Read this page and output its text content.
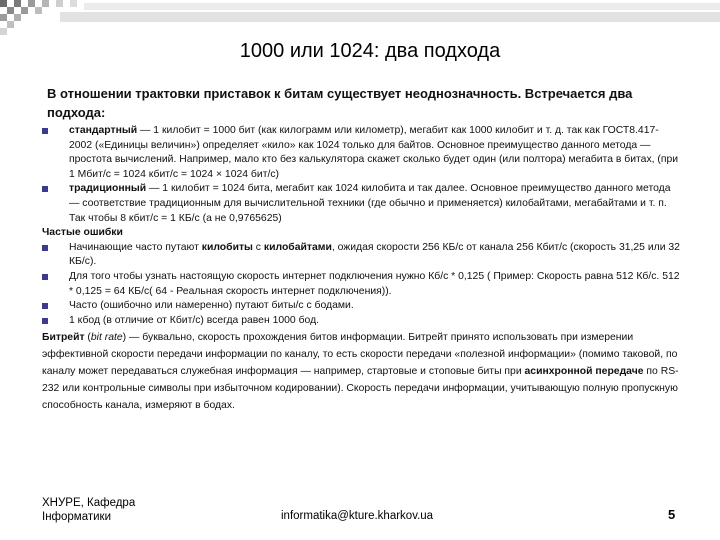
1000 или 1024: два подхода
В отношении трактовки приставок к битам существует неоднозначность. Встречается два подхода:
стандартный — 1 килобит = 1000 бит (как килограмм или километр), мегабит как 1000 килобит и т. д. так как ГОСТ8.417-2002 («Единицы величин») определяет «кило» как 1024 только для байтов. Основное преимущество данного метода — простота вычислений. Например, мало кто без калькулятора скажет сколько будет один (или полтора) мегабита в битах, (при 1 Мбит/с = 1024 кбит/с = 1024 × 1024 бит/с)
традиционный — 1 килобит = 1024 бита, мегабит как 1024 килобита и так далее. Основное преимущество данного метода — соответствие традиционным для вычислительной техники (где обычно и применяется) килобайтами, мегабайтами и т. п. Так чтобы 8 кбит/с = 1 КБ/с (а не 0,9765625)
Частые ошибки
Начинающие часто путают килобиты с килобайтами, ожидая скорости 256 КБ/с от канала 256 Кбит/с (скорость 31,25 или 32 КБ/с).
Для того чтобы узнать настоящую скорость интернет подключения нужно Кб/с * 0,125 ( Пример: Скорость равна 512 Кб/с. 512 * 0,125 = 64 КБ/с( 64 - Реальная скорость интернет подключения)).
Часто (ошибочно или намеренно) путают биты/с с бодами.
1 кбод (в отличие от Кбит/с) всегда равен 1000 бод.
Битрейт (bit rate) — буквально, скорость прохождения битов информации. Битрейт принято использовать при измерении эффективной скорости передачи информации по каналу, то есть скорости передачи «полезной информации» (помимо таковой, по каналу может передаваться служебная информация — например, стартовые и стоповые биты при асинхронной передаче по RS-232 или контрольные символы при избыточном кодировании). Скорость передачи информации, учитывающую полную пропускную способность канала, измеряют в бодах.
ХНУРЕ, Кафедра
Інформатики	informatika@kture.kharkov.ua	5
